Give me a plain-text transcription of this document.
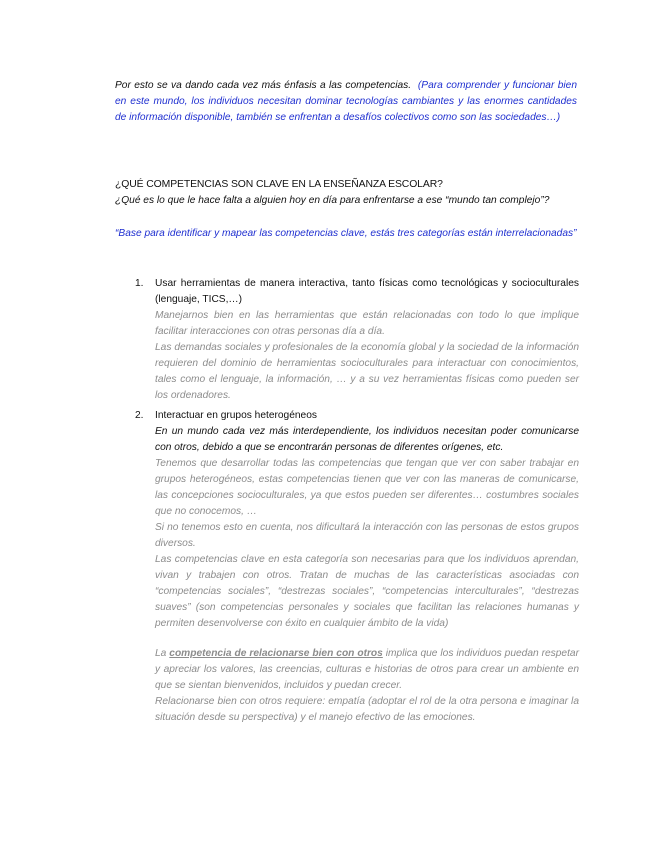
Por esto se va dando cada vez más énfasis a las competencias. (Para comprender y funcionar bien en este mundo, los individuos necesitan dominar tecnologías cambiantes y las enormes cantidades de información disponible, también se enfrentan a desafíos colectivos como son las sociedades…)

¿QUÉ COMPETENCIAS SON CLAVE EN LA ENSEÑANZA ESCOLAR?

¿Qué es lo que le hace falta a alguien hoy en día para enfrentarse a ese “mundo tan complejo”?

“Base para identificar y mapear las competencias clave, estás tres categorías están interrelacionadas”

1.	Usar herramientas de manera interactiva, tanto físicas como tecnológicas y socioculturales (lenguaje, TICS,…)

Manejarnos bien en las herramientas que están relacionadas con todo lo que implique facilitar interacciones con otras personas día a día.

Las demandas sociales y profesionales de la economía global y la sociedad de la información requieren del dominio de herramientas socioculturales para interactuar con conocimientos, tales como el lenguaje, la información, … y a su vez herramientas físicas como pueden ser los ordenadores.

2.	Interactuar en grupos heterogéneos

En un mundo cada vez más interdependiente, los individuos necesitan poder comunicarse con otros, debido a que se encontrarán personas de diferentes orígenes, etc.

Tenemos que desarrollar todas las competencias que tengan que ver con saber trabajar en grupos heterogéneos, estas competencias tienen que ver con las maneras de comunicarse, las concepciones socioculturales, ya que estos pueden ser diferentes… costumbres sociales que no conocemos, …

Si no tenemos esto en cuenta, nos dificultará la interacción con las personas de estos grupos diversos.

Las competencias clave en esta categoría son necesarias para que los individuos aprendan, vivan y trabajen con otros. Tratan de muchas de las características asociadas con “competencias sociales”, “destrezas sociales”, “competencias interculturales”, “destrezas suaves” (son competencias personales y sociales que facilitan las relaciones humanas y permiten desenvolverse con éxito en cualquier ámbito de la vida)

La competencia de relacionarse bien con otros implica que los individuos puedan respetar y apreciar los valores, las creencias, culturas e historias de otros para crear un ambiente en que se sientan bienvenidos, incluidos y puedan crecer.

Relacionarse bien con otros requiere: empatía (adoptar el rol de la otra persona e imaginar la situación desde su perspectiva) y el manejo efectivo de las emociones.
